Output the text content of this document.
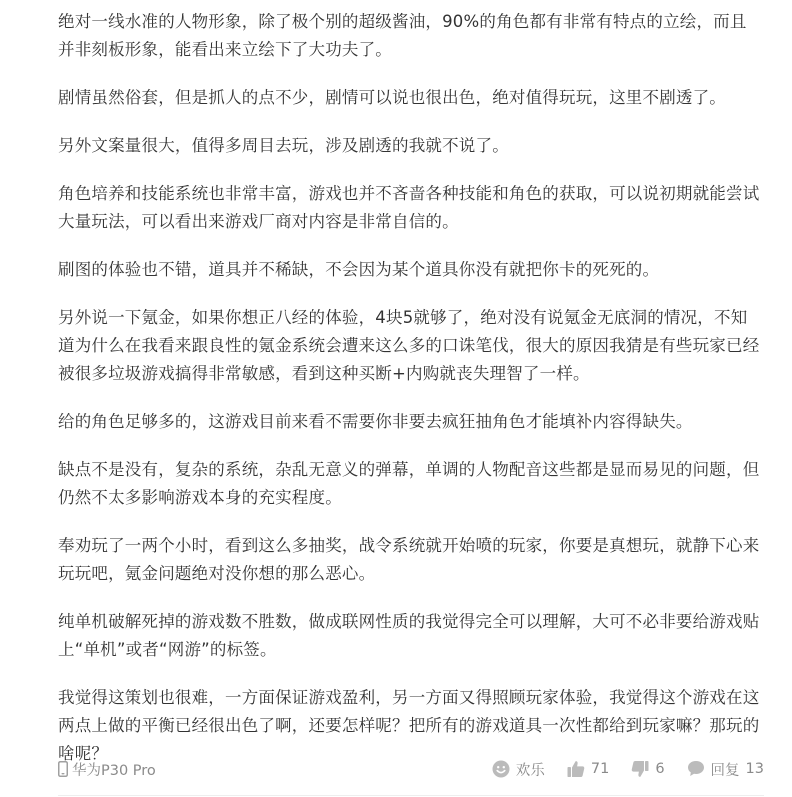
绝对一线水准的人物形象，除了极个别的超级酱油，90%的角色都有非常有特点的立绘，而且并非刻板形象，能看出来立绘下了大功夫了。

剧情虽然俗套，但是抓人的点不少，剧情可以说也很出色，绝对值得玩玩，这里不剧透了。

另外文案量很大，值得多周目去玩，涉及剧透的我就不说了。

角色培养和技能系统也非常丰富，游戏也并不吝啬各种技能和角色的获取，可以说初期就能尝试大量玩法，可以看出来游戏厂商对内容是非常自信的。

刷图的体验也不错，道具并不稀缺，不会因为某个道具你没有就把你卡的死死的。

另外说一下氪金，如果你想正八经的体验，4块5就够了，绝对没有说氪金无底洞的情况，不知道为什么在我看来跟良性的氪金系统会遭来这么多的口诛笔伐，很大的原因我猜是有些玩家已经被很多垃圾游戏搞得非常敏感，看到这种买断+内购就丧失理智了一样。

给的角色足够多的，这游戏目前来看不需要你非要去疯狂抽角色才能填补内容得缺失。

缺点不是没有，复杂的系统，杂乱无意义的弹幕，单调的人物配音这些都是显而易见的问题，但仍然不太多影响游戏本身的充实程度。

奉劝玩了一两个小时，看到这么多抽奖，战令系统就开始喷的玩家，你要是真想玩，就静下心来玩玩吧，氪金问题绝对没你想的那么恶心。

纯单机破解死掉的游戏数不胜数，做成联网性质的我觉得完全可以理解，大可不必非要给游戏贴上“单机”或者“网游”的标签。

我觉得这策划也很难，一方面保证游戏盈利，另一方面又得照顾玩家体验，我觉得这个游戏在这两点上做的平衡已经很出色了啊，还要怎样呢？把所有的游戏道具一次性都给到玩家嘛？那玩的啥呢？

华为P30 Pro	欢乐	71	6	回复 13
